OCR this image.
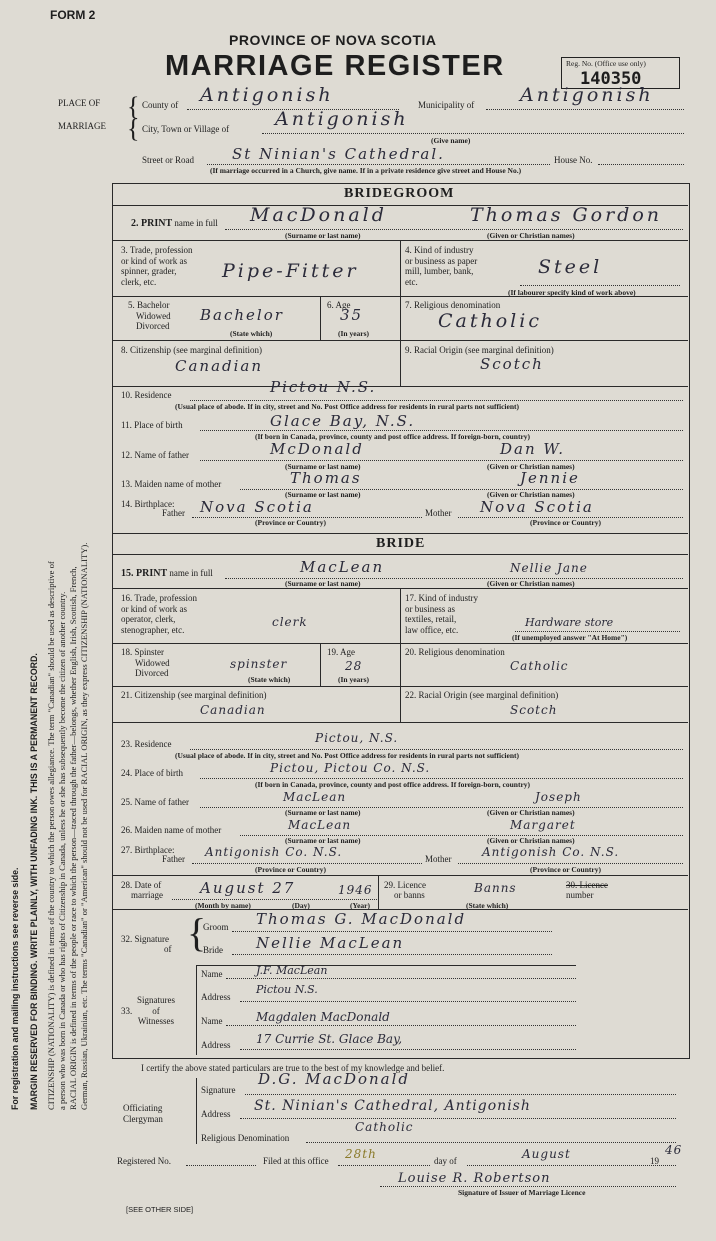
FORM 2
PROVINCE OF NOVA SCOTIA
MARRIAGE REGISTER	Reg. No. (Office use only)
140350
PLACE OF
MARRIAGE
{
{
County of Antigonish	Municipality of Antigonish
City, Town or Village of Antigonish
(Give name)
Street or Road	St Ninian's Cathedral.	House No.
(If marriage occurred in a Church, give name. If in a private residence give street and House No.)
For registration and mailing instructions see reverse side. MARGIN RESERVED FOR BINDING. WRITE PLAINLY, WITH UNFADING INK. THIS IS A PERMANENT RECORD. CITIZENSHIP (NATIONALITY) is defined in terms of the country to which the person owes allegiance. The term "Canadian" should be used as descriptive of a person who was born in Canada or who has rights of Citizenship in Canada, unless he or she has subsequently become the citizen of another country. RACIAL ORIGIN is defined in terms of the people or race to which the person—traced through the father—belongs, whether English, Irish, Scottish, French, German, Russian, Ukrainian, etc. The terms "Canadian" or "American" should not be used for RACIAL ORIGIN, as they express CITIZENSHIP (NATIONALITY).
BRIDEGROOM
2. PRINT name in full MacDonald	Thomas Gordon
(Surname or last name)	(Given or Christian names)
3. Trade, profession
or kind of work as
spinner, grader,
clerk, etc.	Pipe-Fitter
4. Kind of industry
or business as paper
mill, lumber, bank,
etc.
Steel
(If labourer specify kind of work above)
5. Bachelor
Widowed
Divorced
Bachelor
(State which)
6. Age
35
(In years)
7. Religious denomination
Catholic
8. Citizenship (see marginal definition)
Canadian
9. Racial Origin (see marginal definition)
Scotch
10. Residence	Pictou N.S.
(Usual place of abode. If in city, street and No. Post Office address for residents in rural parts not sufficient)
11. Place of birth	Glace Bay, N.S.
(If born in Canada, province, county and post office address. If foreign-born, country)
12. Name of father	McDonald	Dan W.
(Surname or last name)	(Given or Christian names)
13. Maiden name of mother	Thomas	Jennie
(Surname or last name)	(Given or Christian names)
14. Birthplace:
Father Nova Scotia	Mother Nova Scotia
(Province or Country)	(Province or Country)
BRIDE
15. PRINT name in full	MacLean	Nellie Jane
(Surname or last name)	(Given or Christian names)
16. Trade, profession
or kind of work as
operator, clerk,
stenographer, etc.
clerk
17. Kind of industry
or business as
textiles, retail,
law office, etc.
Hardware store
(If unemployed answer "At Home")
18. Spinster
Widowed
Divorced
spinster
(State which)
19. Age
28
(In years)
20. Religious denomination
Catholic
21. Citizenship (see marginal definition)
Canadian
22. Racial Origin (see marginal definition)
Scotch
23. Residence	Pictou, N.S.
(Usual place of abode. If in city, street and No. Post Office address for residents in rural parts not sufficient)
24. Place of birth	Pictou, Pictou Co. N.S.
(If born in Canada, province, county and post office address. If foreign-born, country)
25. Name of father	MacLean	Joseph
(Surname or last name)	(Given or Christian names)
26. Maiden name of mother	MacLean	Margaret
(Surname or last name)	(Given or Christian names)
27. Birthplace:
Father Antigonish Co. N.S.	Mother	Antigonish Co. N.S.
(Province or Country)	(Province or Country)
28. Date of
marriage August 27	1946
(Month by name)	(Day)	(Year)
29. Licence
or banns	Banns
(State which)
30. Licence
number
32. Signature
of {
Groom Thomas G. MacDonald
Bride Nellie MacLean
33.
Signatures
of
Witnesses
Name	J.F. MacLean
Address
Pictou N.S.
Name	Magdalen MacDonald
Address 17 Currie St. Glace Bay,
I certify the above stated particulars are true to the best of my knowledge and belief.
Officiating
Clergyman
Signature
D.G. MacDonald
Address St. Ninian's Cathedral, Antigonish
Religious Denomination
Catholic
Registered No.	Filed at this office 28th	day of	August	19
46
Louise R. Robertson
Signature of Issuer of Marriage Licence
[SEE OTHER SIDE]
